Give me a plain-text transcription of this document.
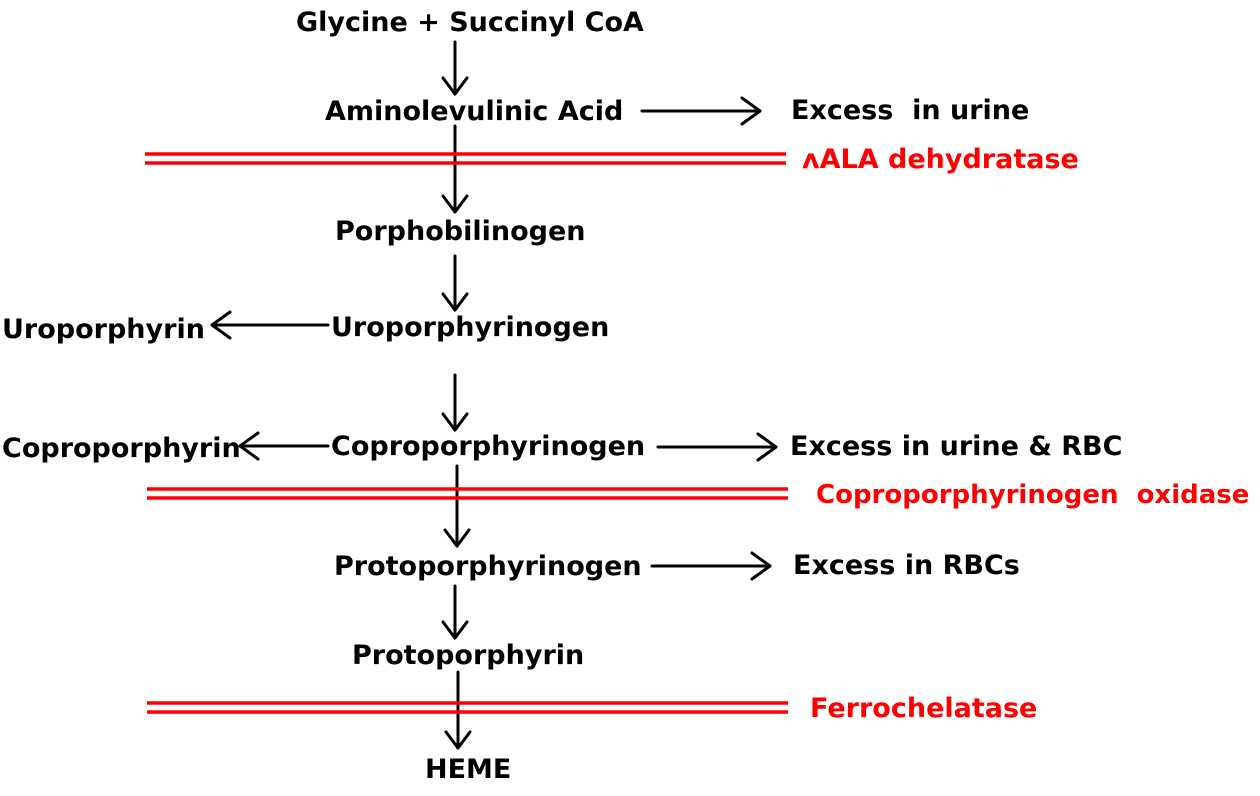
Glycine + Succinyl CoA
Aminolevulinic Acid
Porphobilinogen
Uroporphyrinogen
Coproporphyrinogen
Protoporphyrinogen
Protoporphyrin
HEME
Uroporphyrin
Coproporphyrin
Excess  in urine
Excess in urine & RBC
Excess in RBCs
ʌALA dehydratase
Coproporphyrinogen  oxidase
Ferrochelatase
